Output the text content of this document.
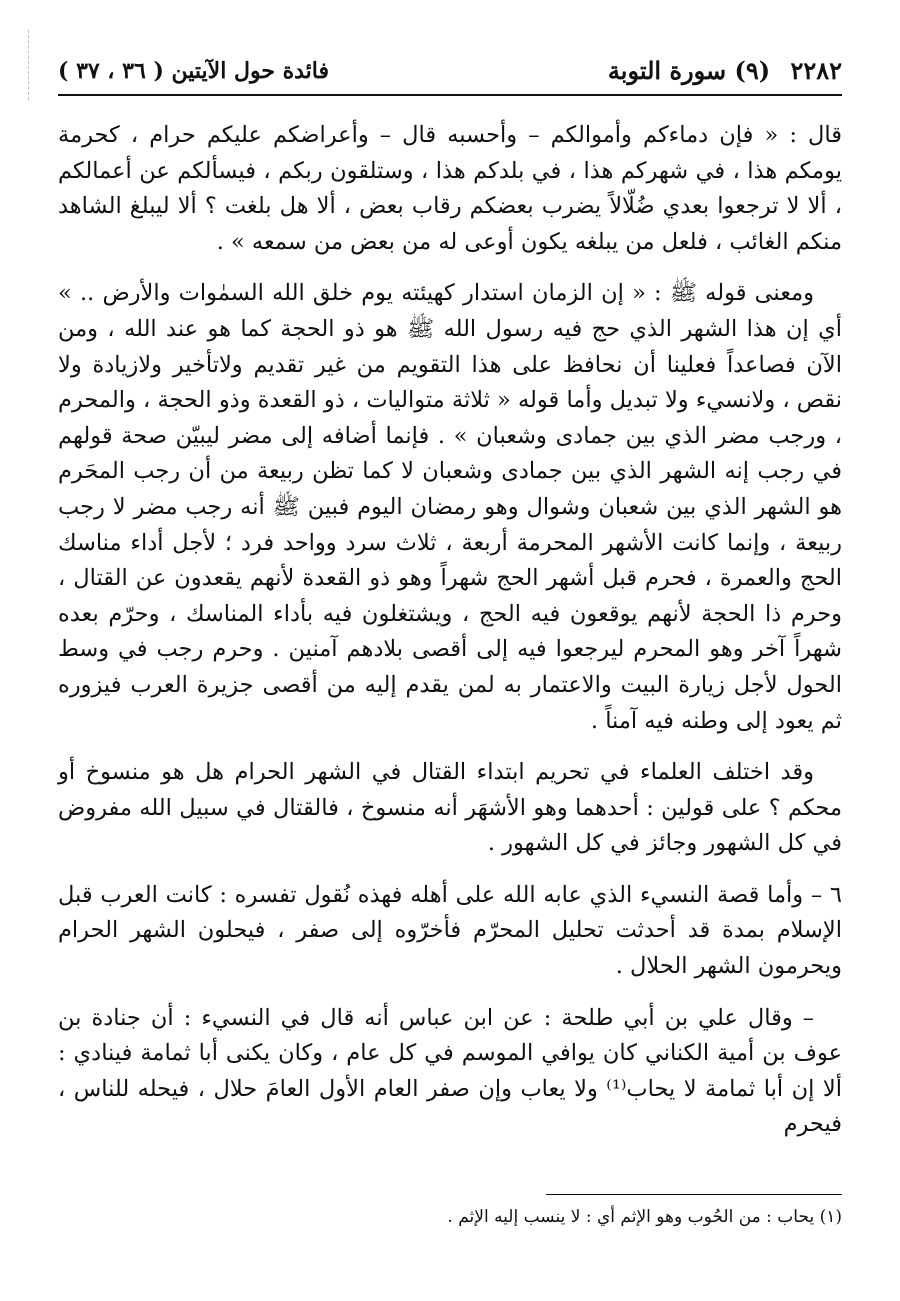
٢٢٨٢ (٩) سورة التوبة
فائدة حول الآيتين ( ٣٦ ، ٣٧ )

قال : « فإن دماءكم وأموالكم – وأحسبه قال – وأعراضكم عليكم حرام ، كحرمة يومكم هذا ، في شهركم هذا ، في بلدكم هذا ، وستلقون ربكم ، فيسألكم عن أعمالكم ، ألا لا ترجعوا بعدي ضُلّالاً يضرب بعضكم رقاب بعض ، ألا هل بلغت ؟ ألا ليبلغ الشاهد منكم الغائب ، فلعل من يبلغه يكون أوعى له من بعض من سمعه » .

ومعنى قوله ﷺ : « إن الزمان استدار كهيئته يوم خلق الله السمٰوات والأرض .. » أي إن هذا الشهر الذي حج فيه رسول الله ﷺ هو ذو الحجة كما هو عند الله ، ومن الآن فصاعداً فعلينا أن نحافظ على هذا التقويم من غير تقديم ولاتأخير ولازيادة ولا نقص ، ولانسيء ولا تبديل وأما قوله « ثلاثة متواليات ، ذو القعدة وذو الحجة ، والمحرم ، ورجب مضر الذي بين جمادى وشعبان » . فإنما أضافه إلى مضر ليبيّن صحة قولهم في رجب إنه الشهر الذي بين جمادى وشعبان لا كما تظن ربيعة من أن رجب المحَرم هو الشهر الذي بين شعبان وشوال وهو رمضان اليوم فبين ﷺ أنه رجب مضر لا رجب ربيعة ، وإنما كانت الأشهر المحرمة أربعة ، ثلاث سرد وواحد فرد ؛ لأجل أداء مناسك الحج والعمرة ، فحرم قبل أشهر الحج شهراً وهو ذو القعدة لأنهم يقعدون عن القتال ، وحرم ذا الحجة لأنهم يوقعون فيه الحج ، ويشتغلون فيه بأداء المناسك ، وحرّم بعده شهراً آخر وهو المحرم ليرجعوا فيه إلى أقصى بلادهم آمنين . وحرم رجب في وسط الحول لأجل زيارة البيت والاعتمار به لمن يقدم إليه من أقصى جزيرة العرب فيزوره ثم يعود إلى وطنه فيه آمناً .

وقد اختلف العلماء في تحريم ابتداء القتال في الشهر الحرام هل هو منسوخ أو محكم ؟ على قولين : أحدهما وهو الأشهَر أنه منسوخ ، فالقتال في سبيل الله مفروض في كل الشهور وجائز في كل الشهور .

٦ – وأما قصة النسيء الذي عابه الله على أهله فهذه نُقول تفسره : كانت العرب قبل الإسلام بمدة قد أحدثت تحليل المحرّم فأخرّوه إلى صفر ، فيحلون الشهر الحرام ويحرمون الشهر الحلال .

– وقال علي بن أبي طلحة : عن ابن عباس أنه قال في النسيء : أن جنادة بن عوف بن أمية الكناني كان يوافي الموسم في كل عام ، وكان يكنى أبا ثمامة فينادي : ألا إن أبا ثمامة لا يحاب⁽¹⁾ ولا يعاب وإن صفر العام الأول العامَ حلال ، فيحله للناس ، فيحرم

(١) يحاب : من الحُوب وهو الإثم أي : لا ينسب إليه الإثم .
